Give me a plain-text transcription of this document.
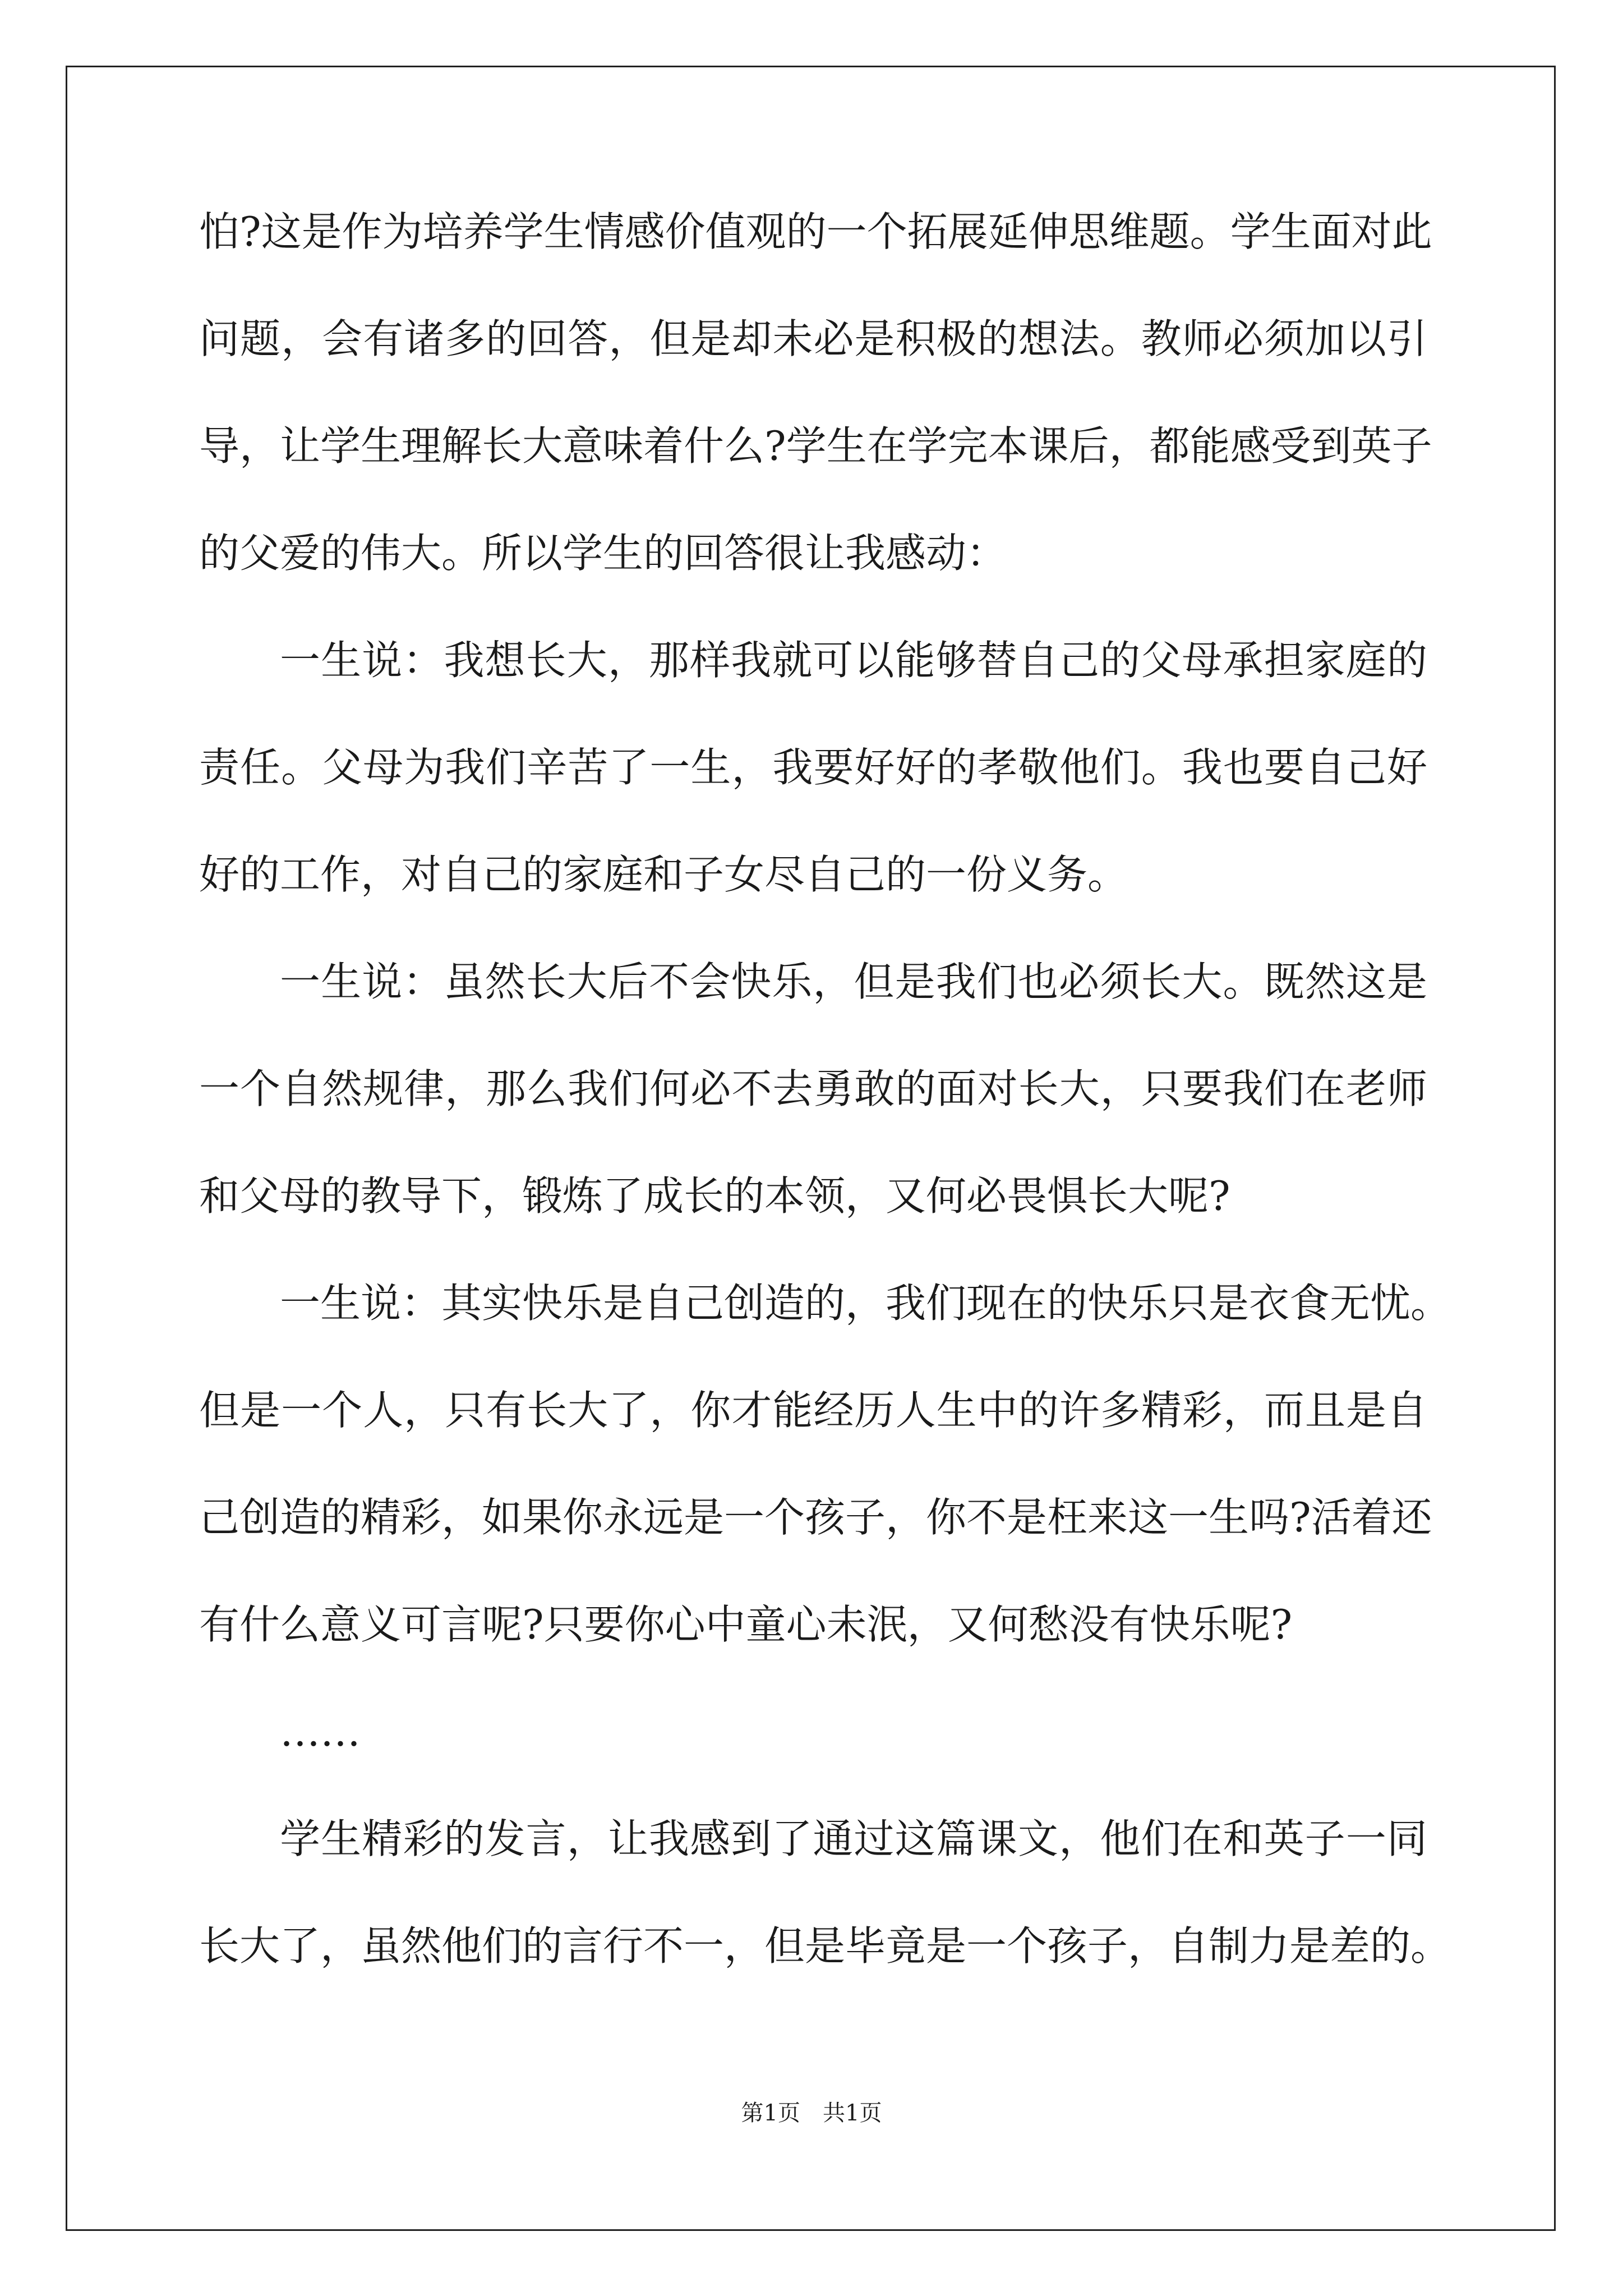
怕?这是作为培养学生情感价值观的一个拓展延伸思维题。学生面对此
问题，会有诸多的回答，但是却未必是积极的想法。教师必须加以引
导，让学生理解长大意味着什么?学生在学完本课后，都能感受到英子
的父爱的伟大。所以学生的回答很让我感动：
一生说：我想长大，那样我就可以能够替自己的父母承担家庭的
责任。父母为我们辛苦了一生，我要好好的孝敬他们。我也要自己好
好的工作，对自己的家庭和子女尽自己的一份义务。
一生说：虽然长大后不会快乐，但是我们也必须长大。既然这是
一个自然规律，那么我们何必不去勇敢的面对长大，只要我们在老师
和父母的教导下，锻炼了成长的本领，又何必畏惧长大呢?
一生说：其实快乐是自己创造的，我们现在的快乐只是衣食无忧。
但是一个人，只有长大了，你才能经历人生中的许多精彩，而且是自
己创造的精彩，如果你永远是一个孩子，你不是枉来这一生吗?活着还
有什么意义可言呢?只要你心中童心未泯，又何愁没有快乐呢?
……
学生精彩的发言，让我感到了通过这篇课文，他们在和英子一同
长大了，虽然他们的言行不一，但是毕竟是一个孩子，自制力是差的。
第1页　共1页
